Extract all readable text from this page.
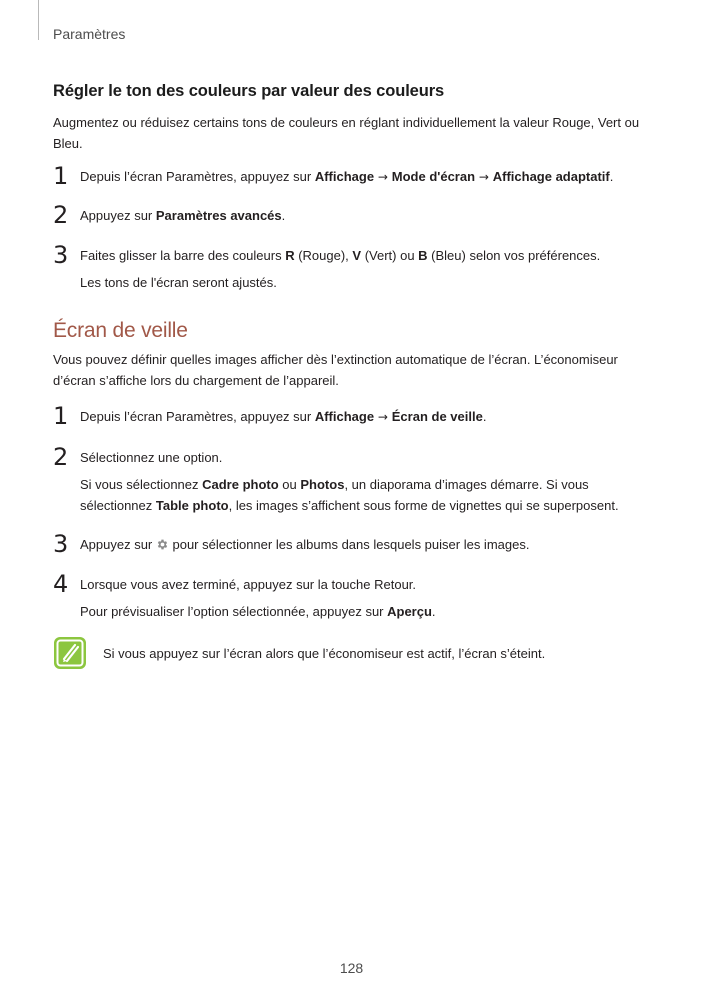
Paramètres
Régler le ton des couleurs par valeur des couleurs

Augmentez ou réduisez certains tons de couleurs en réglant individuellement la valeur Rouge, Vert ou Bleu.

1 Depuis l’écran Paramètres, appuyez sur Affichage → Mode d'écran → Affichage adaptatif.
2 Appuyez sur Paramètres avancés.
3 Faites glisser la barre des couleurs R (Rouge), V (Vert) ou B (Bleu) selon vos préférences.
Les tons de l'écran seront ajustés.
Écran de veille

Vous pouvez définir quelles images afficher dès l’extinction automatique de l’écran. L’économiseur d’écran s’affiche lors du chargement de l’appareil.

1 Depuis l’écran Paramètres, appuyez sur Affichage → Écran de veille.
2 Sélectionnez une option.
Si vous sélectionnez Cadre photo ou Photos, un diaporama d’images démarre. Si vous sélectionnez Table photo, les images s’affichent sous forme de vignettes qui se superposent.
3 Appuyez sur  pour sélectionner les albums dans lesquels puiser les images.
4 Lorsque vous avez terminé, appuyez sur la touche Retour.
Pour prévisualiser l’option sélectionnée, appuyez sur Aperçu.
Si vous appuyez sur l’écran alors que l’économiseur est actif, l’écran s’éteint.
128
